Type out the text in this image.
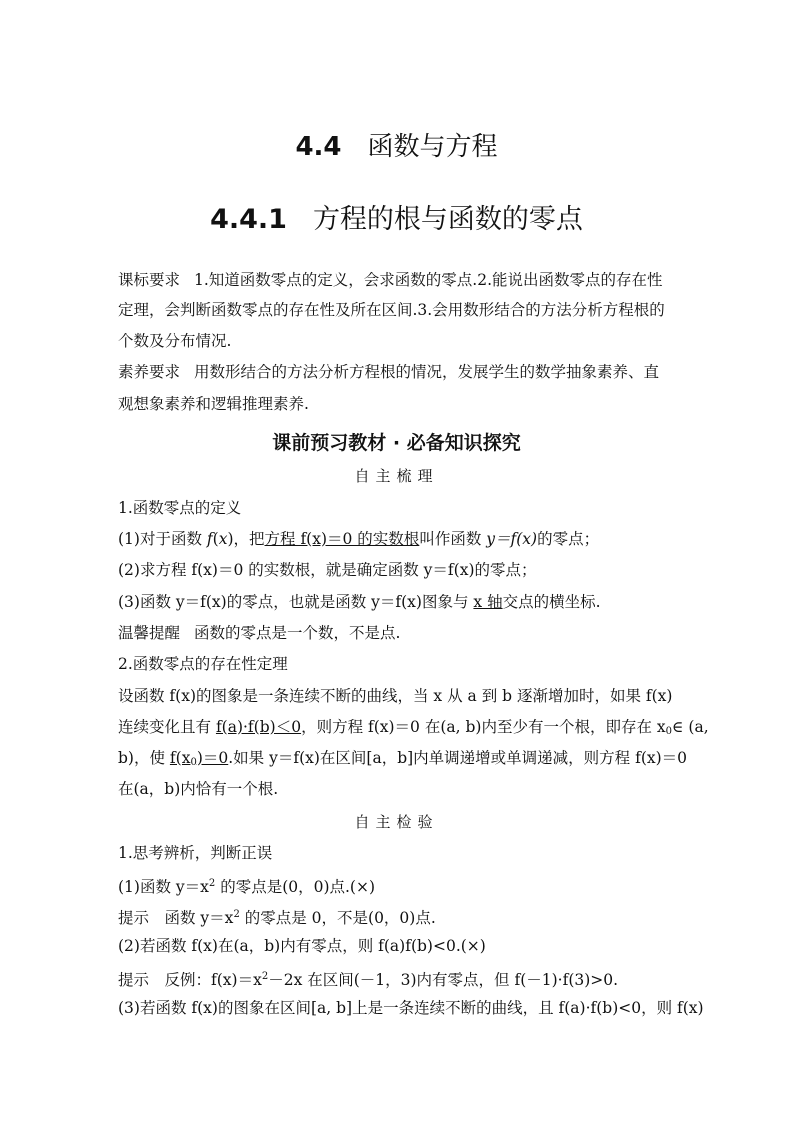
4.4 函数与方程
4.4.1 方程的根与函数的零点
课标要求 1.知道函数零点的定义，会求函数的零点.2.能说出函数零点的存在性
定理，会判断函数零点的存在性及所在区间.3.会用数形结合的方法分析方程根的
个数及分布情况.
素养要求 用数形结合的方法分析方程根的情况，发展学生的数学抽象素养、直
观想象素养和逻辑推理素养.
课前预习教材 · 必备知识探究
自主梳理
1.函数零点的定义
(1)对于函数 f(x)，把方程 f(x)＝0 的实数根叫作函数 y＝f(x)的零点；
(2)求方程 f(x)＝0 的实数根，就是确定函数 y＝f(x)的零点；
(3)函数 y＝f(x)的零点，也就是函数 y＝f(x)图象与 x 轴交点的横坐标.
温馨提醒 函数的零点是一个数，不是点.
2.函数零点的存在性定理
设函数 f(x)的图象是一条连续不断的曲线，当 x 从 a 到 b 逐渐增加时，如果 f(x)
连续变化且有 f(a)·f(b)＜0，则方程 f(x)＝0 在(a, b)内至少有一个根，即存在 $x_0\in$ (a,
b)，使 $f(x_0)=0$.如果 y＝f(x)在区间[a，b]内单调递增或单调递减，则方程 f(x)＝0
在(a，b)内恰有一个根.
自主检验
1.思考辨析，判断正误
(1)函数 $y=x^2$ 的零点是(0，0)点.(×)
提示　函数 $y=x^2$ 的零点是 0，不是(0，0)点.
(2)若函数 f(x)在(a，b)内有零点，则 f(a)f(b)<0.(×)
提示　反例：$f(x)=x^2-2x$ 在区间(－1，3)内有零点，但 f(－1)·f(3)>0.
(3)若函数 f(x)的图象在区间[a, b]上是一条连续不断的曲线，且 f(a)·f(b)<0，则 f(x)
